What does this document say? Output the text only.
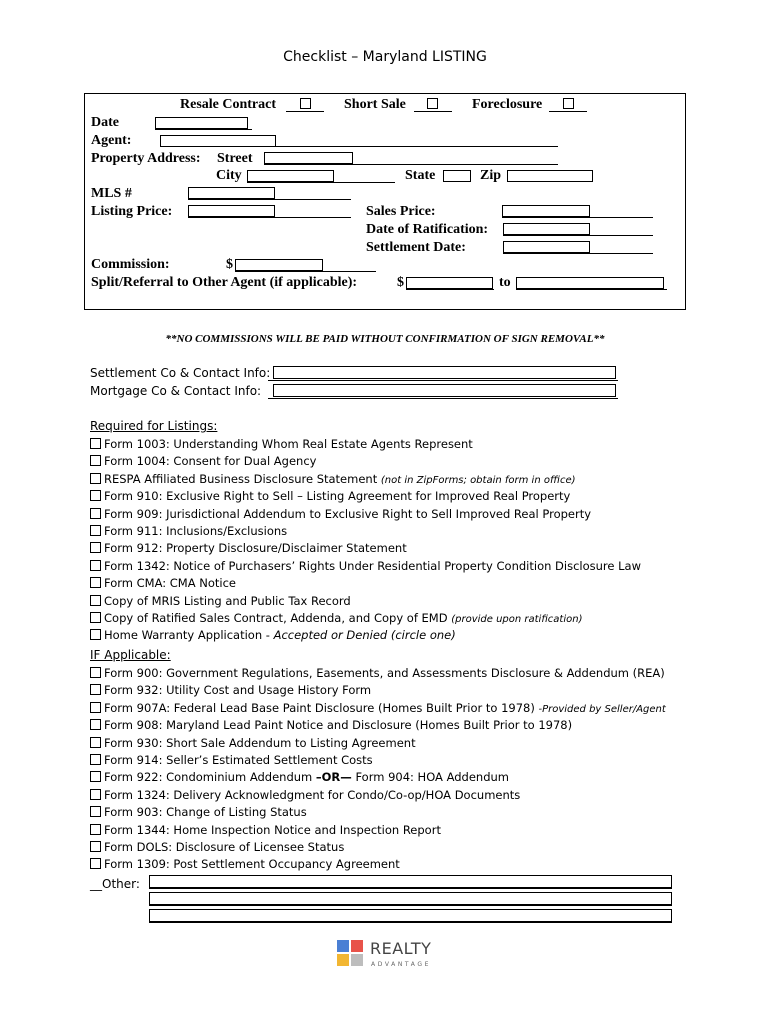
Checklist – Maryland LISTING
Resale Contract	Short Sale	Foreclosure
Date
Agent:
Property Address: Street
City	State	Zip
MLS #
Listing Price:	Sales Price:
Date of Ratification:
Settlement Date:
Commission:	$
Split/Referral to Other Agent (if applicable):	$	to
**NO COMMISSIONS WILL BE PAID WITHOUT CONFIRMATION OF SIGN REMOVAL**
Settlement Co & Contact Info:
Mortgage Co & Contact Info:
Required for Listings:
Form 1003: Understanding Whom Real Estate Agents Represent
Form 1004: Consent for Dual Agency
RESPA Affiliated Business Disclosure Statement (not in ZipForms; obtain form in office)
Form 910: Exclusive Right to Sell – Listing Agreement for Improved Real Property
Form 909: Jurisdictional Addendum to Exclusive Right to Sell Improved Real Property
Form 911: Inclusions/Exclusions
Form 912: Property Disclosure/Disclaimer Statement
Form 1342: Notice of Purchasers’ Rights Under Residential Property Condition Disclosure Law
Form CMA: CMA Notice
Copy of MRIS Listing and Public Tax Record
Copy of Ratified Sales Contract, Addenda, and Copy of EMD (provide upon ratification)
Home Warranty Application - Accepted or Denied (circle one)
IF Applicable:
Form 900: Government Regulations, Easements, and Assessments Disclosure & Addendum (REA)
Form 932: Utility Cost and Usage History Form
Form 907A: Federal Lead Base Paint Disclosure (Homes Built Prior to 1978) -Provided by Seller/Agent
Form 908: Maryland Lead Paint Notice and Disclosure (Homes Built Prior to 1978)
Form 930: Short Sale Addendum to Listing Agreement
Form 914: Seller’s Estimated Settlement Costs
Form 922: Condominium Addendum –OR— Form 904: HOA Addendum
Form 1324: Delivery Acknowledgment for Condo/Co-op/HOA Documents
Form 903: Change of Listing Status
Form 1344: Home Inspection Notice and Inspection Report
Form DOLS: Disclosure of Licensee Status
Form 1309: Post Settlement Occupancy Agreement
__Other:
REALTY
ADVANTAGE
